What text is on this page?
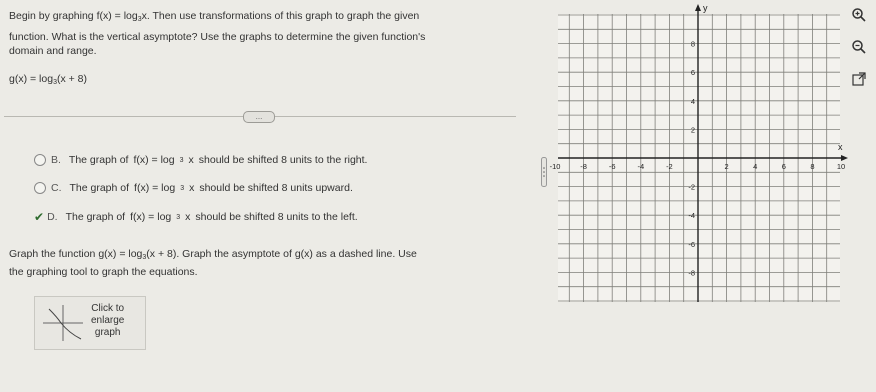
Begin by graphing $f(x) = \log_3x$. Then use transformations of this graph to graph the given
function. What is the vertical asymptote? Use the graphs to determine the given function's
domain and range.
$g(x) = \log_3(x + 8)$
...
B. The graph of f(x) = log 3 x should be shifted 8 units to the right.
C. The graph of f(x) = log 3 x should be shifted 8 units upward.
✔ D. The graph of f(x) = log 3 x should be shifted 8 units to the left.
Graph the function $g(x) = \log_3(x + 8)$. Graph the asymptote of g(x) as a dashed line. Use
the graphing tool to graph the equations.
Click to
enlarge
graph
y
x
-10	-8	-6	-4	-2	2	4	6	8	10
8
6
4
2
-2
-4
-6
-8
